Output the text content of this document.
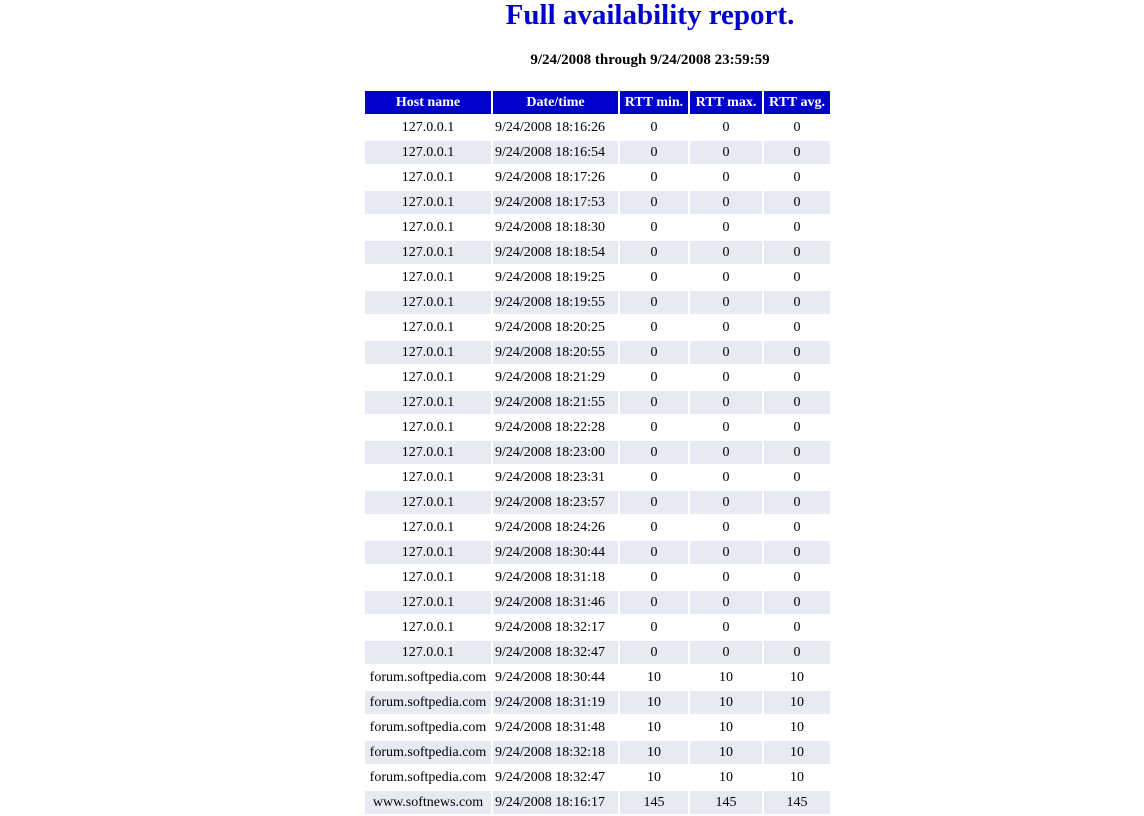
Full availability report.
9/24/2008 through 9/24/2008 23:59:59
Host name	Date/time	RTT min.	RTT max.	RTT avg.
127.0.0.1	9/24/2008 18:16:26	0	0	0
127.0.0.1	9/24/2008 18:16:54	0	0	0
127.0.0.1	9/24/2008 18:17:26	0	0	0
127.0.0.1	9/24/2008 18:17:53	0	0	0
127.0.0.1	9/24/2008 18:18:30	0	0	0
127.0.0.1	9/24/2008 18:18:54	0	0	0
127.0.0.1	9/24/2008 18:19:25	0	0	0
127.0.0.1	9/24/2008 18:19:55	0	0	0
127.0.0.1	9/24/2008 18:20:25	0	0	0
127.0.0.1	9/24/2008 18:20:55	0	0	0
127.0.0.1	9/24/2008 18:21:29	0	0	0
127.0.0.1	9/24/2008 18:21:55	0	0	0
127.0.0.1	9/24/2008 18:22:28	0	0	0
127.0.0.1	9/24/2008 18:23:00	0	0	0
127.0.0.1	9/24/2008 18:23:31	0	0	0
127.0.0.1	9/24/2008 18:23:57	0	0	0
127.0.0.1	9/24/2008 18:24:26	0	0	0
127.0.0.1	9/24/2008 18:30:44	0	0	0
127.0.0.1	9/24/2008 18:31:18	0	0	0
127.0.0.1	9/24/2008 18:31:46	0	0	0
127.0.0.1	9/24/2008 18:32:17	0	0	0
127.0.0.1	9/24/2008 18:32:47	0	0	0
forum.softpedia.com	9/24/2008 18:30:44	10	10	10
forum.softpedia.com	9/24/2008 18:31:19	10	10	10
forum.softpedia.com	9/24/2008 18:31:48	10	10	10
forum.softpedia.com	9/24/2008 18:32:18	10	10	10
forum.softpedia.com	9/24/2008 18:32:47	10	10	10
www.softnews.com	9/24/2008 18:16:17	145	145	145
